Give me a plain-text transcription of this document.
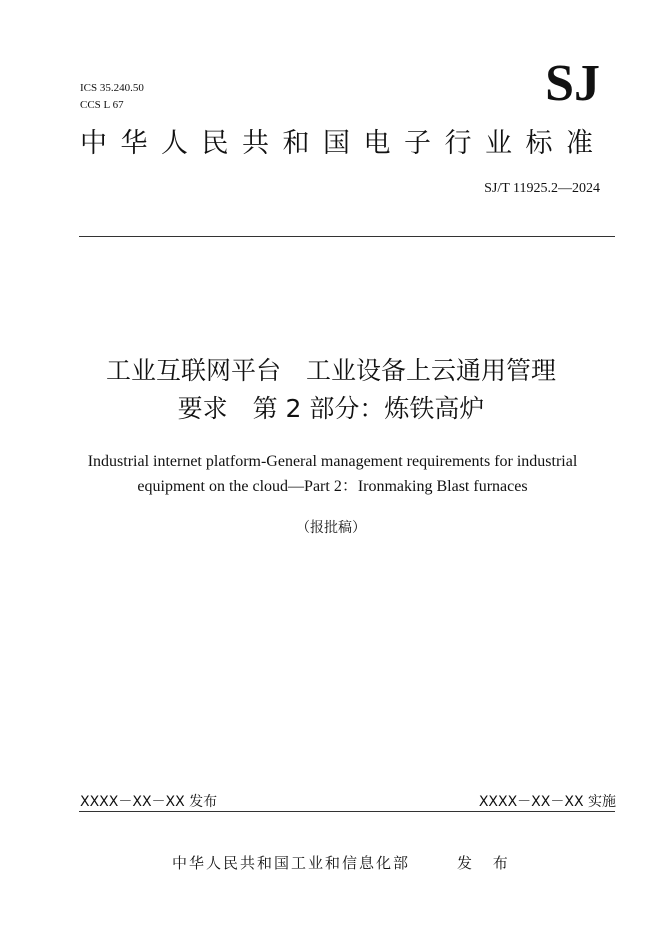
ICS 35.240.50
CCS L 67	SJ
中华人民共和国电子行业标准
SJ/T 11925.2—2024
工业互联网平台　工业设备上云通用管理
要求　第 2 部分：炼铁高炉
Industrial internet platform-General management requirements for industrial
equipment on the cloud—Part 2：Ironmaking Blast furnaces
（报批稿）
XXXX－XX－XX 发布	XXXX－XX－XX 实施
中华人民共和国工业和信息化部	发 布
